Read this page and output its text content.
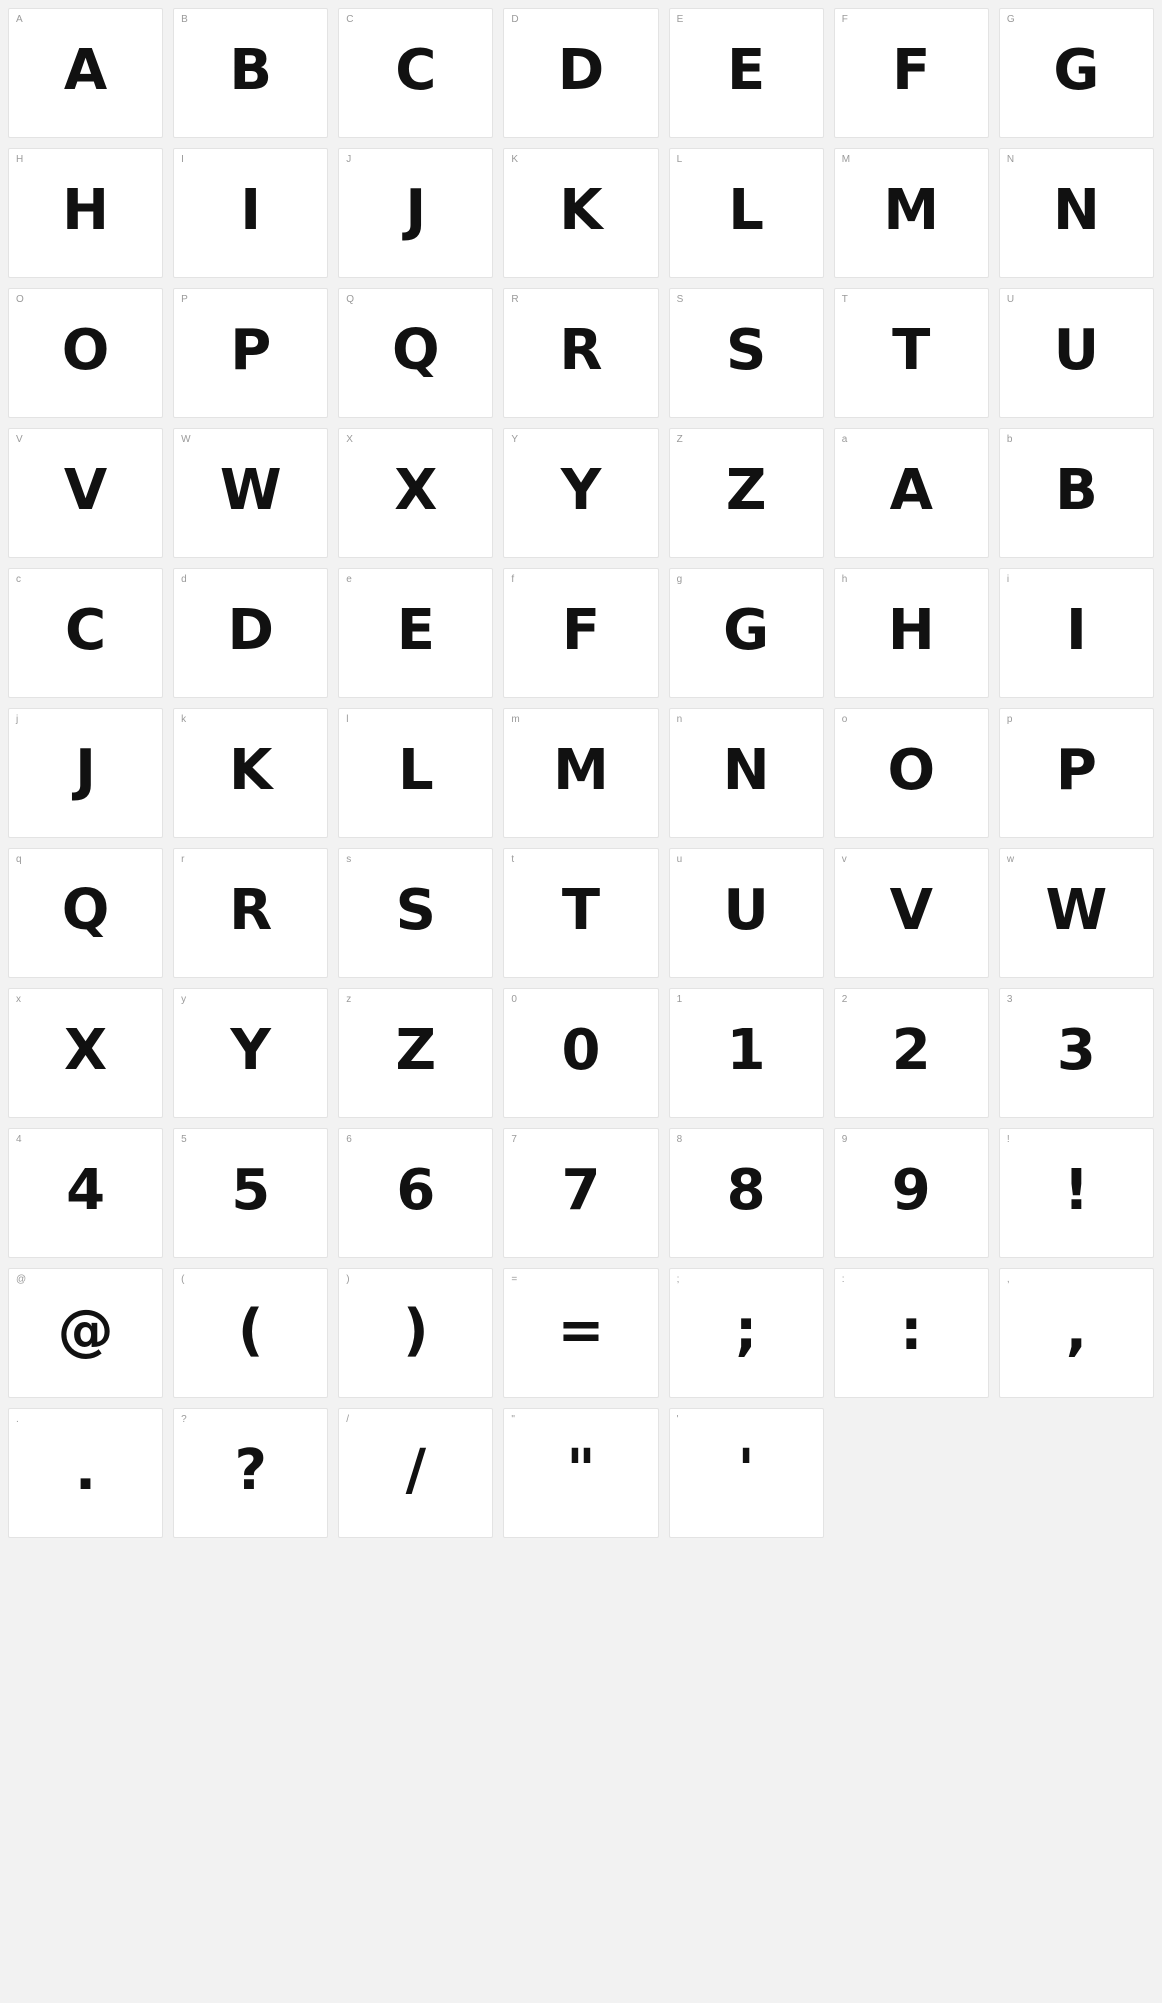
A
A
B
B
C
C
D
D
E
E
F
F
G
G
H
H
I
I
J
J
K
K
L
L
M
M
N
N
O
O
P
P
Q
Q
R
R
S
S
T
T
U
U
V
V
W
W
X
X
Y
Y
Z
Z
a
A
b
B
c
C
d
D
e
E
f
F
g
G
h
H
i
I
j
J
k
K
l
L
m
M
n
N
o
O
p
P
q
Q
r
R
s
S
t
T
u
U
v
V
w
W
x
X
y
Y
z
Z
0
0
1
1
2
2
3
3
4
4
5
5
6
6
7
7
8
8
9
9
!
!
@
@
(
(
)
)
=
=
;
;
:
:
,
,
.
.
?
?
/
/
"
"
'
'
